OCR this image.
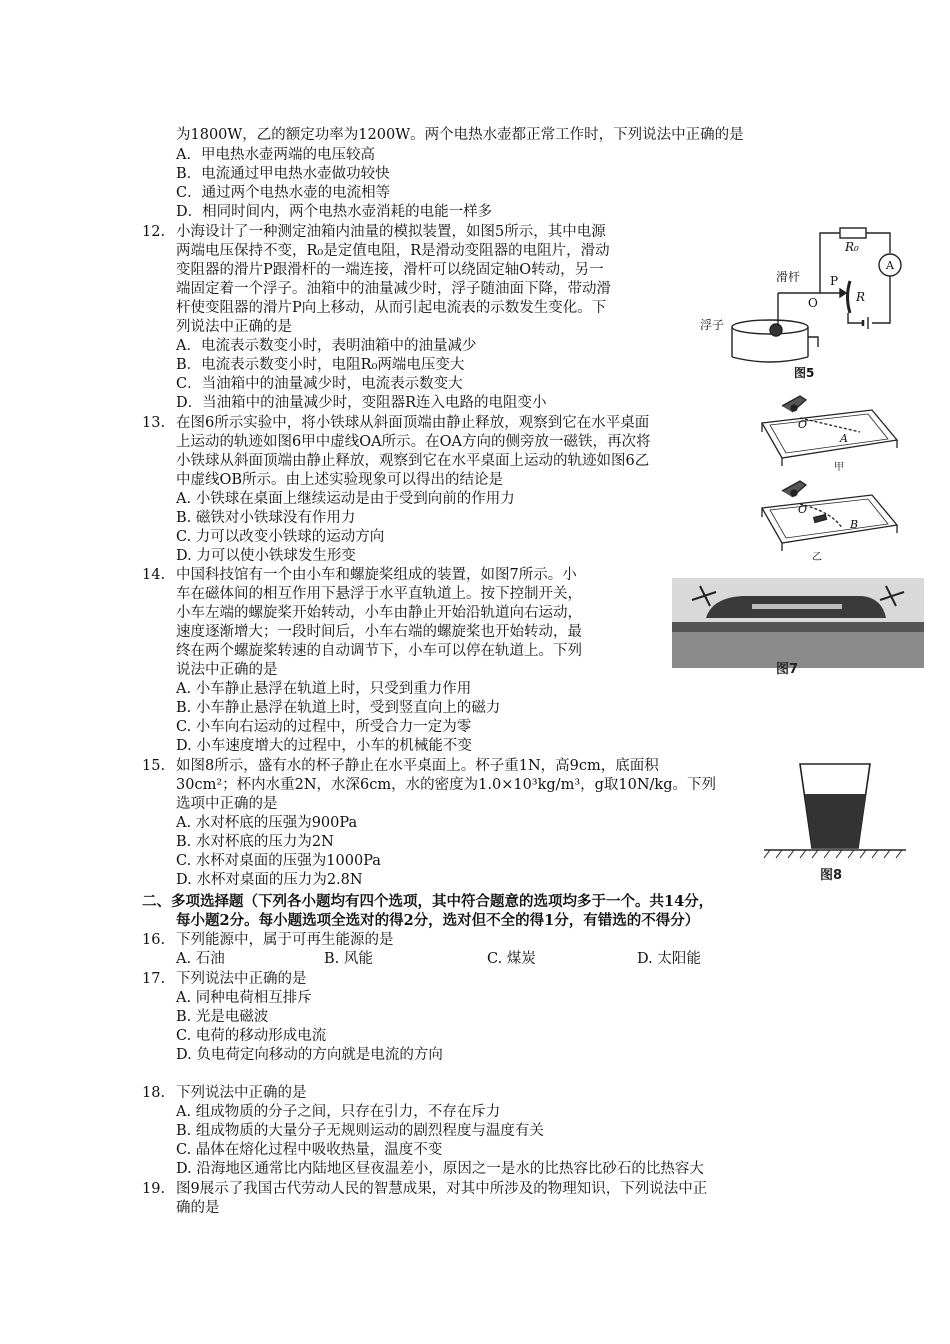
为1800W，乙的额定功率为1200W。两个电热水壶都正常工作时，下列说法中正确的是
A．甲电热水壶两端的电压较高
B．电流通过甲电热水壶做功较快
C．通过两个电热水壶的电流相等
D．相同时间内，两个电热水壶消耗的电能一样多
12. 小海设计了一种测定油箱内油量的模拟装置，如图5所示，其中电源
两端电压保持不变，R₀是定值电阻，R是滑动变阻器的电阻片，滑动
变阻器的滑片P跟滑杆的一端连接，滑杆可以绕固定轴O转动，另一
端固定着一个浮子。油箱中的油量减少时，浮子随油面下降，带动滑
杆使变阻器的滑片P向上移动，从而引起电流表的示数发生变化。下
列说法中正确的是
A．电流表示数变小时，表明油箱中的油量减少
B．电流表示数变小时，电阻R₀两端电压变大
C．当油箱中的油量减少时，电流表示数变大
D．当油箱中的油量减少时，变阻器R连入电路的电阻变小
R₀
A
滑杆
O
P
R
浮子
图5
13. 在图6所示实验中，将小铁球从斜面顶端由静止释放，观察到它在水平桌面
上运动的轨迹如图6甲中虚线OA所示。在OA方向的侧旁放一磁铁，再次将
小铁球从斜面顶端由静止释放，观察到它在水平桌面上运动的轨迹如图6乙
中虚线OB所示。由上述实验现象可以得出的结论是
A. 小铁球在桌面上继续运动是由于受到向前的作用力
B. 磁铁对小铁球没有作用力
C. 力可以改变小铁球的运动方向
D. 力可以使小铁球发生形变
O
A
O
B
甲
乙
14. 中国科技馆有一个由小车和螺旋桨组成的装置，如图7所示。小
车在磁体间的相互作用下悬浮于水平直轨道上。按下控制开关，
小车左端的螺旋桨开始转动，小车由静止开始沿轨道向右运动，
速度逐渐增大；一段时间后，小车右端的螺旋桨也开始转动，最
终在两个螺旋桨转速的自动调节下，小车可以停在轨道上。下列
说法中正确的是
A. 小车静止悬浮在轨道上时，只受到重力作用
B. 小车静止悬浮在轨道上时，受到竖直向上的磁力
C. 小车向右运动的过程中，所受合力一定为零
D. 小车速度增大的过程中，小车的机械能不变
图7
15. 如图8所示，盛有水的杯子静止在水平桌面上。杯子重1N，高9cm，底面积
30cm²；杯内水重2N，水深6cm，水的密度为1.0×10³kg/m³，g取10N/kg。下列
选项中正确的是
A. 水对杯底的压强为900Pa
B. 水对杯底的压力为2N
C. 水杯对桌面的压强为1000Pa
D. 水杯对桌面的压力为2.8N	图8
二、多项选择题（下列各小题均有四个选项，其中符合题意的选项均多于一个。共14分，
每小题2分。每小题选项全选对的得2分，选对但不全的得1分，有错选的不得分）
16. 下列能源中，属于可再生能源的是
A. 石油	B. 风能	C. 煤炭	D. 太阳能
17. 下列说法中正确的是
A. 同种电荷相互排斥
B. 光是电磁波
C. 电荷的移动形成电流
D. 负电荷定向移动的方向就是电流的方向
18. 下列说法中正确的是
A. 组成物质的分子之间，只存在引力，不存在斥力
B. 组成物质的大量分子无规则运动的剧烈程度与温度有关
C. 晶体在熔化过程中吸收热量，温度不变
D. 沿海地区通常比内陆地区昼夜温差小，原因之一是水的比热容比砂石的比热容大
19. 图9展示了我国古代劳动人民的智慧成果，对其中所涉及的物理知识，下列说法中正
确的是
